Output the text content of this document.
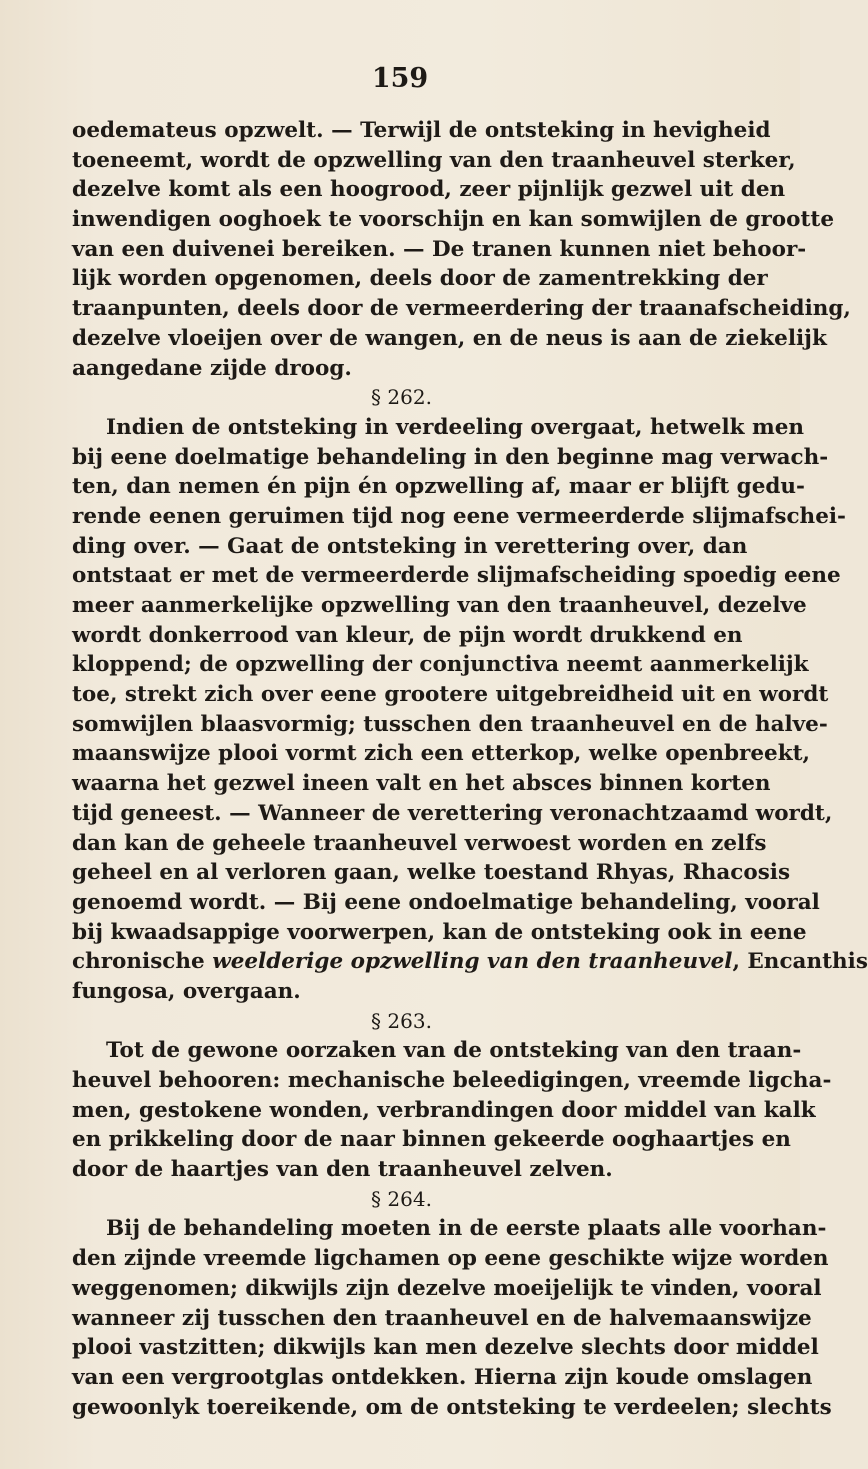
159
oedemateus opzwelt. — Terwijl de ontsteking in hevigheid
toeneemt, wordt de opzwelling van den traanheuvel sterker,
dezelve komt als een hoogrood, zeer pijnlijk gezwel uit den
inwendigen ooghoek te voorschijn en kan somwijlen de grootte
van een duivenei bereiken. — De tranen kunnen niet behoor-
lijk worden opgenomen, deels door de zamentrekking der
traanpunten, deels door de vermeerdering der traanafscheiding,
dezelve vloeijen over de wangen, en de neus is aan de ziekelijk
aangedane zijde droog.
§ 262.
Indien de ontsteking in verdeeling overgaat, hetwelk men
bij eene doelmatige behandeling in den beginne mag verwach-
ten, dan nemen én pijn én opzwelling af, maar er blijft gedu-
rende eenen geruimen tijd nog eene vermeerderde slijmafschei-
ding over. — Gaat de ontsteking in verettering over, dan
ontstaat er met de vermeerderde slijmafscheiding spoedig eene
meer aanmerkelijke opzwelling van den traanheuvel, dezelve
wordt donkerrood van kleur, de pijn wordt drukkend en
kloppend; de opzwelling der conjunctiva neemt aanmerkelijk
toe, strekt zich over eene grootere uitgebreidheid uit en wordt
somwijlen blaasvormig; tusschen den traanheuvel en de halve-
maanswijze plooi vormt zich een etterkop, welke openbreekt,
waarna het gezwel ineen valt en het absces binnen korten
tijd geneest. — Wanneer de verettering veronachtzaamd wordt,
dan kan de geheele traanheuvel verwoest worden en zelfs
geheel en al verloren gaan, welke toestand Rhyas, Rhacosis
genoemd wordt. — Bij eene ondoelmatige behandeling, vooral
bij kwaadsappige voorwerpen, kan de ontsteking ook in eene
chronische weelderige opzwelling van den traanheuvel, Encanthis
fungosa, overgaan.
§ 263.
Tot de gewone oorzaken van de ontsteking van den traan-
heuvel behooren: mechanische beleedigingen, vreemde ligcha-
men, gestokene wonden, verbrandingen door middel van kalk
en prikkeling door de naar binnen gekeerde ooghaartjes en
door de haartjes van den traanheuvel zelven.
§ 264.
Bij de behandeling moeten in de eerste plaats alle voorhan-
den zijnde vreemde ligchamen op eene geschikte wijze worden
weggenomen; dikwijls zijn dezelve moeijelijk te vinden, vooral
wanneer zij tusschen den traanheuvel en de halvemaanswijze
plooi vastzitten; dikwijls kan men dezelve slechts door middel
van een vergrootglas ontdekken. Hierna zijn koude omslagen
gewoonlyk toereikende, om de ontsteking te verdeelen; slechts
